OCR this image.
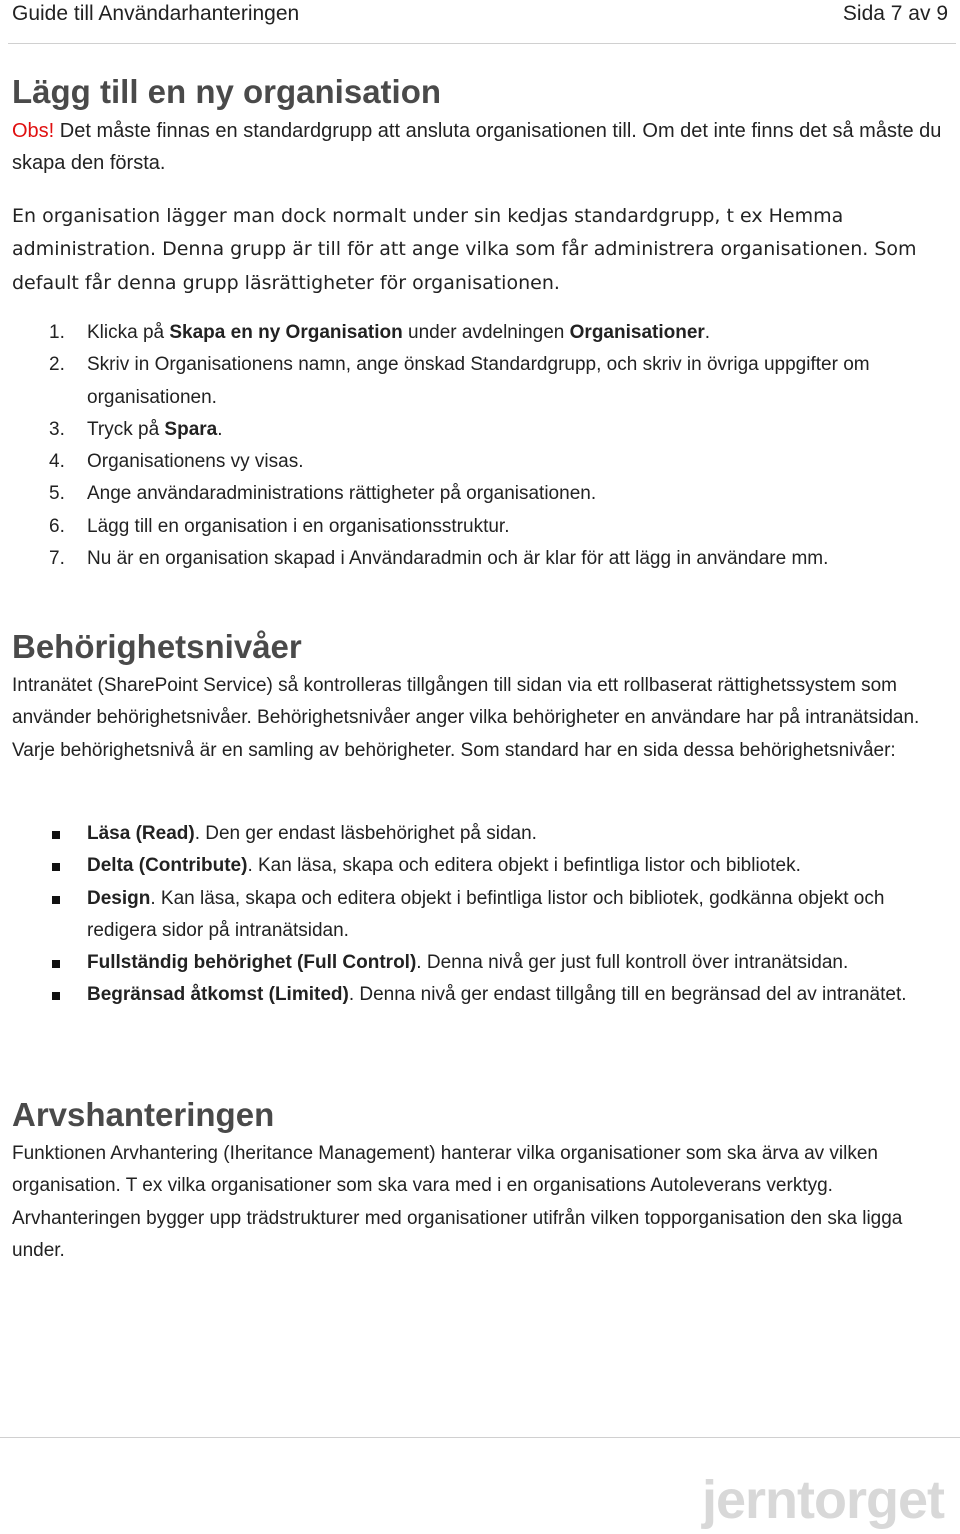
Guide till Användarhanteringen	Sida 7 av 9
Lägg till en ny organisation

Obs! Det måste finnas en standardgrupp att ansluta organisationen till. Om det inte finns det så måste du skapa den första.

En organisation lägger man dock normalt under sin kedjas standardgrupp, t ex Hemma administration. Denna grupp är till för att ange vilka som får administrera organisationen. Som default får denna grupp läsrättigheter för organisationen.

1.	Klicka på Skapa en ny Organisation under avdelningen Organisationer.
2.	Skriv in Organisationens namn, ange önskad Standardgrupp, och skriv in övriga uppgifter om organisationen.
3.	Tryck på Spara.
4.	Organisationens vy visas.
5.	Ange användaradministrations rättigheter på organisationen.
6.	Lägg till en organisation i en organisationsstruktur.
7.	Nu är en organisation skapad i Användaradmin och är klar för att lägg in användare mm.
Behörighetsnivåer

Intranätet (SharePoint Service) så kontrolleras tillgången till sidan via ett rollbaserat rättighetssystem som använder behörighetsnivåer. Behörighetsnivåer anger vilka behörigheter en användare har på intranätsidan. Varje behörighetsnivå är en samling av behörigheter. Som standard har en sida dessa behörighetsnivåer:

Läsa (Read). Den ger endast läsbehörighet på sidan.
Delta (Contribute). Kan läsa, skapa och editera objekt i befintliga listor och bibliotek.
Design. Kan läsa, skapa och editera objekt i befintliga listor och bibliotek, godkänna objekt och redigera sidor på intranätsidan.
Fullständig behörighet (Full Control). Denna nivå ger just full kontroll över intranätsidan.
Begränsad åtkomst (Limited). Denna nivå ger endast tillgång till en begränsad del av intranätet.
Arvshanteringen

Funktionen Arvhantering (Iheritance Management) hanterar vilka organisationer som ska ärva av vilken organisation. T ex vilka organisationer som ska vara med i en organisations Autoleverans verktyg. Arvhanteringen bygger upp trädstrukturer med organisationer utifrån vilken topporganisation den ska ligga under.

jerntorget
